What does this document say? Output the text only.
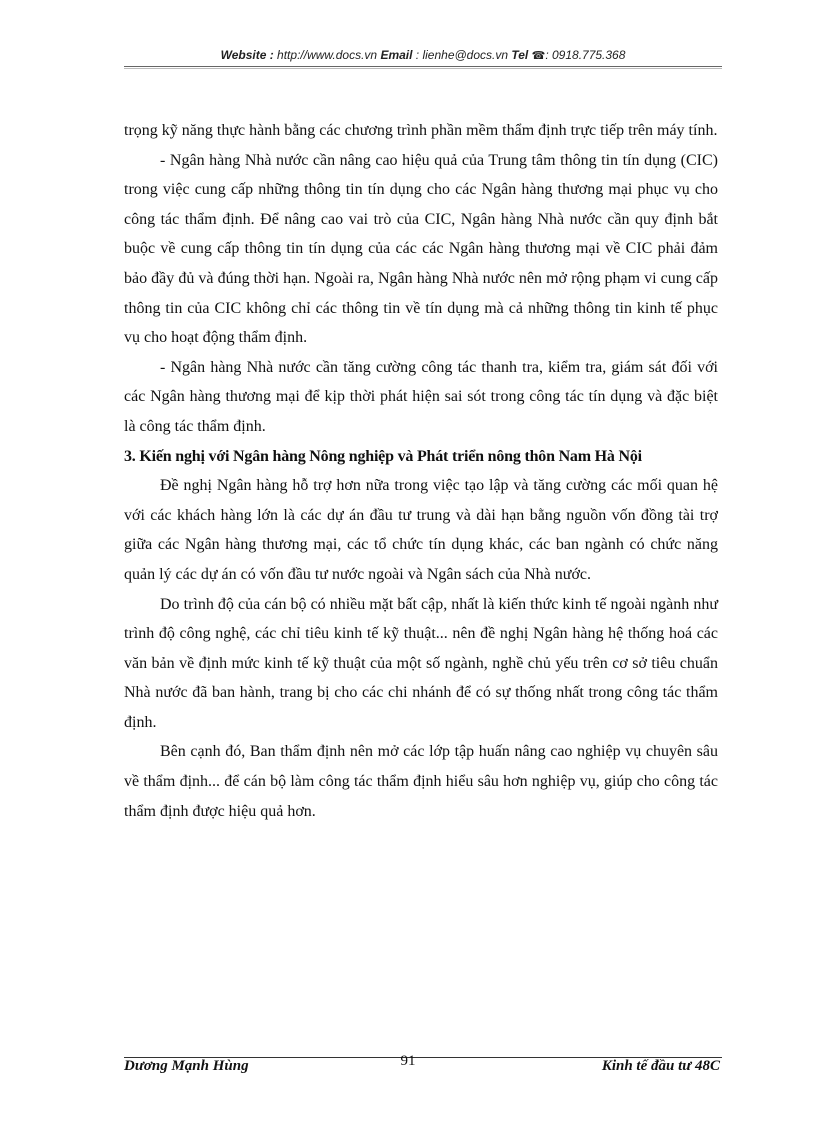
Website : http://www.docs.vn Email : lienhe@docs.vn Tel ☎: 0918.775.368

trọng kỹ năng thực hành bằng các chương trình phần mềm thẩm định trực tiếp trên máy tính.

- Ngân hàng Nhà nước cần nâng cao hiệu quả của Trung tâm thông tin tín dụng (CIC) trong việc cung cấp những thông tin tín dụng cho các Ngân hàng thương mại phục vụ cho công tác thẩm định. Để nâng cao vai trò của CIC, Ngân hàng Nhà nước cần quy định bắt buộc về cung cấp thông tin tín dụng của các các Ngân hàng thương mại về CIC phải đảm bảo đầy đủ và đúng thời hạn. Ngoài ra, Ngân hàng Nhà nước nên mở rộng phạm vi cung cấp thông tin của CIC không chỉ các thông tin về tín dụng mà cả những thông tin kinh tế phục vụ cho hoạt động thẩm định.

- Ngân hàng Nhà nước cần tăng cường công tác thanh tra, kiểm tra, giám sát đối với các Ngân hàng thương mại để kịp thời phát hiện sai sót trong công tác tín dụng và đặc biệt là công tác thẩm định.

3. Kiến nghị với Ngân hàng Nông nghiệp và Phát triển nông thôn Nam Hà Nội

Đề nghị Ngân hàng hỗ trợ hơn nữa trong việc tạo lập và tăng cường các mối quan hệ với các khách hàng lớn là các dự án đầu tư trung và dài hạn bằng nguồn vốn đồng tài trợ giữa các Ngân hàng thương mại, các tổ chức tín dụng khác, các ban ngành có chức năng quản lý các dự án có vốn đầu tư nước ngoài và Ngân sách của Nhà nước.

Do trình độ của cán bộ có nhiều mặt bất cập, nhất là kiến thức kinh tế ngoài ngành như trình độ công nghệ, các chỉ tiêu kinh tế kỹ thuật... nên đề nghị Ngân hàng hệ thống hoá các văn bản về định mức kinh tế kỹ thuật của một số ngành, nghề chủ yếu trên cơ sở tiêu chuẩn Nhà nước đã ban hành, trang bị cho các chi nhánh để có sự thống nhất trong công tác thẩm định.

Bên cạnh đó, Ban thẩm định nên mở các lớp tập huấn nâng cao nghiệp vụ chuyên sâu về thẩm định... để cán bộ làm công tác thẩm định hiểu sâu hơn nghiệp vụ, giúp cho công tác thẩm định được hiệu quả hơn.

Dương Mạnh Hùng	91	Kinh tế đầu tư 48C
